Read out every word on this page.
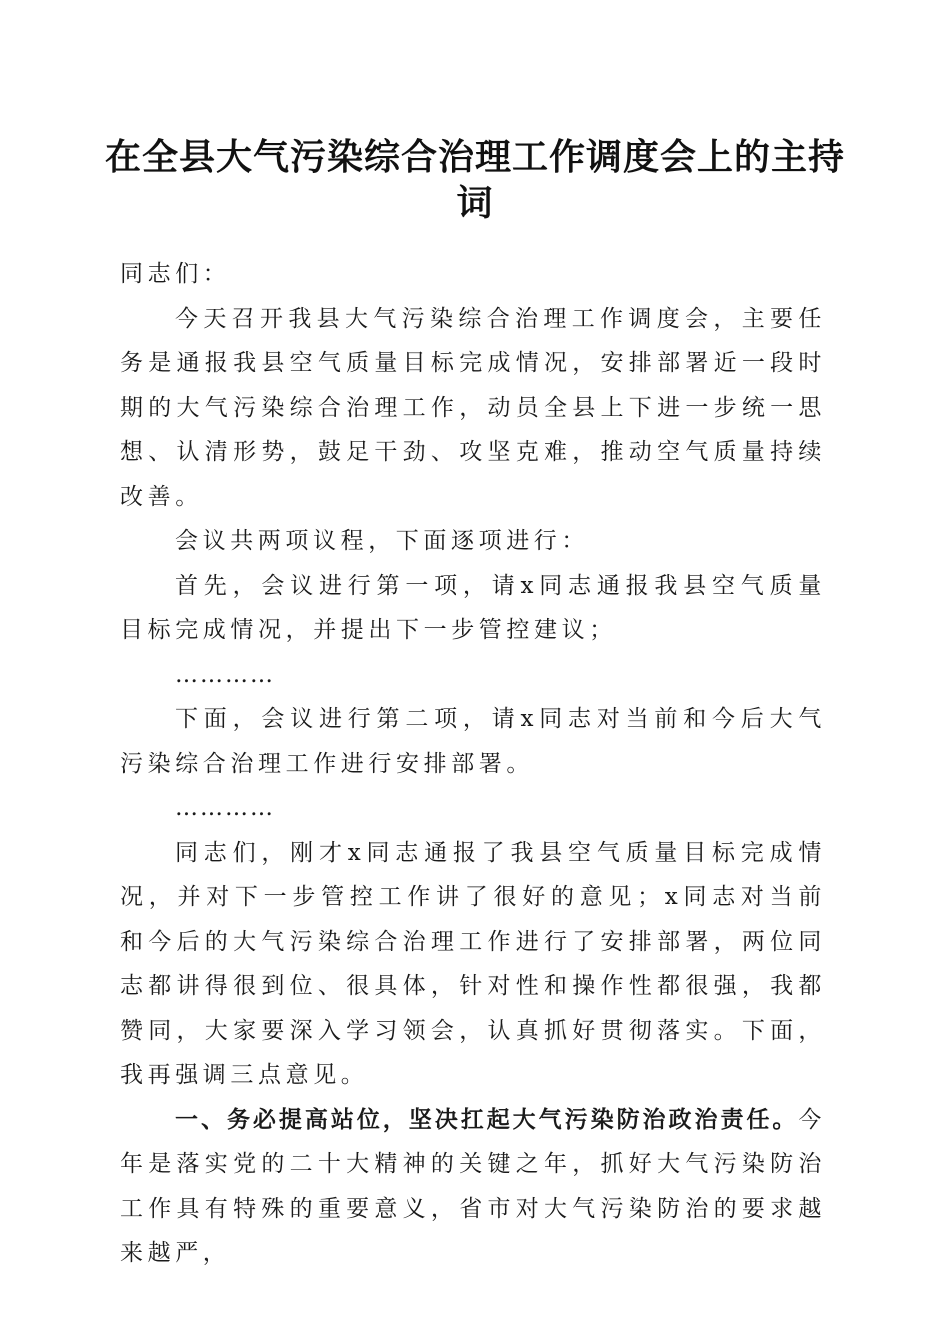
在全县大气污染综合治理工作调度会上的主持词

同志们：

今天召开我县大气污染综合治理工作调度会，主要任务是通报我县空气质量目标完成情况，安排部署近一段时期的大气污染综合治理工作，动员全县上下进一步统一思想、认清形势，鼓足干劲、攻坚克难，推动空气质量持续改善。

会议共两项议程，下面逐项进行：

首先，会议进行第一项，请x同志通报我县空气质量目标完成情况，并提出下一步管控建议；

…………

下面，会议进行第二项，请x同志对当前和今后大气污染综合治理工作进行安排部署。

…………

同志们，刚才x同志通报了我县空气质量目标完成情况，并对下一步管控工作讲了很好的意见；x同志对当前和今后的大气污染综合治理工作进行了安排部署，两位同志都讲得很到位、很具体，针对性和操作性都很强，我都赞同，大家要深入学习领会，认真抓好贯彻落实。下面，我再强调三点意见。

一、务必提高站位，坚决扛起大气污染防治政治责任。今年是落实党的二十大精神的关键之年，抓好大气污染防治工作具有特殊的重要意义，省市对大气污染防治的要求越来越严，
